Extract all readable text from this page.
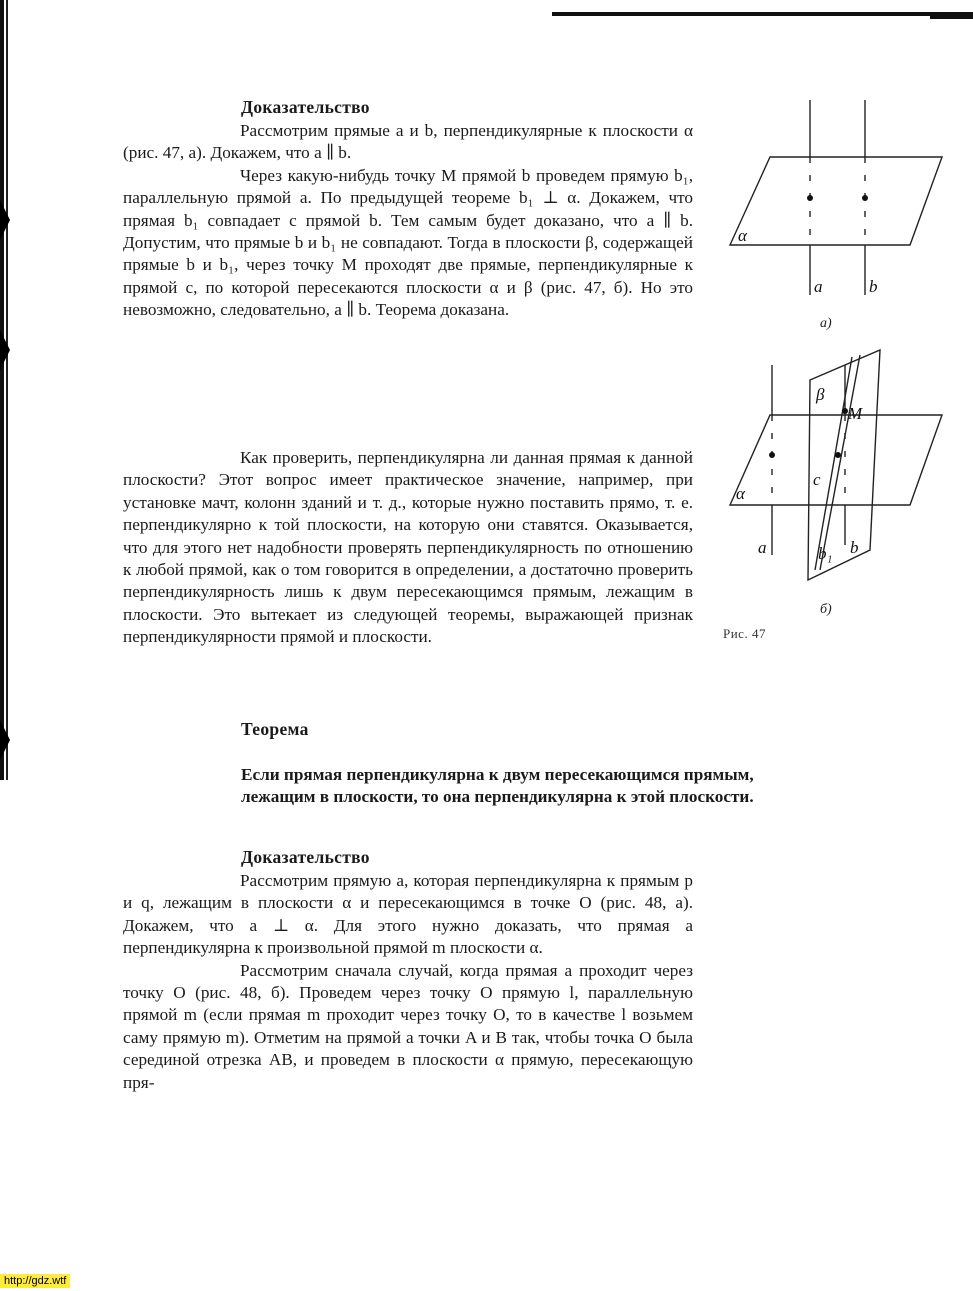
Доказательство

Рассмотрим прямые a и b, перпендикулярные к плоскости α (рис. 47, а). Докажем, что a ∥ b.

Через какую-нибудь точку M прямой b проведем прямую b₁, параллельную прямой a. По предыдущей теореме b₁ ⊥ α. Докажем, что прямая b₁ совпадает с прямой b. Тем самым будет доказано, что a ∥ b. Допустим, что прямые b и b₁ не совпадают. Тогда в плоскости β, содержащей прямые b и b₁, через точку M проходят две прямые, перпендикулярные к прямой c, по которой пересекаются плоскости α и β (рис. 47, б). Но это невозможно, следовательно, a ∥ b. Теорема доказана.

Как проверить, перпендикулярна ли данная прямая к данной плоскости? Этот вопрос имеет практическое значение, например, при установке мачт, колонн зданий и т. д., которые нужно поставить прямо, т. е. перпендикулярно к той плоскости, на которую они ставятся. Оказывается, что для этого нет надобности проверять перпендикулярность по отношению к любой прямой, как о том говорится в определении, а достаточно проверить перпендикулярность лишь к двум пересекающимся прямым, лежащим в плоскости. Это вытекает из следующей теоремы, выражающей признак перпендикулярности прямой и плоскости.

Теорема

Если прямая перпендикулярна к двум пересекающимся прямым, лежащим в плоскости, то она перпендикулярна к этой плоскости.

Доказательство

Рассмотрим прямую a, которая перпендикулярна к прямым p и q, лежащим в плоскости α и пересекающимся в точке O (рис. 48, а). Докажем, что a ⊥ α. Для этого нужно доказать, что прямая a перпендикулярна к произвольной прямой m плоскости α.

Рассмотрим сначала случай, когда прямая a проходит через точку O (рис. 48, б). Проведем через точку O прямую l, параллельную прямой m (если прямая m проходит через точку O, то в качестве l возьмем саму прямую m). Отметим на прямой a точки A и B так, чтобы точка O была серединой отрезка AB, и проведем в плоскости α прямую, пересекающую пря-

α
a	b
а)
α
β
M
c
a	b₁ b
б)
Рис. 47
http://gdz.wtf
